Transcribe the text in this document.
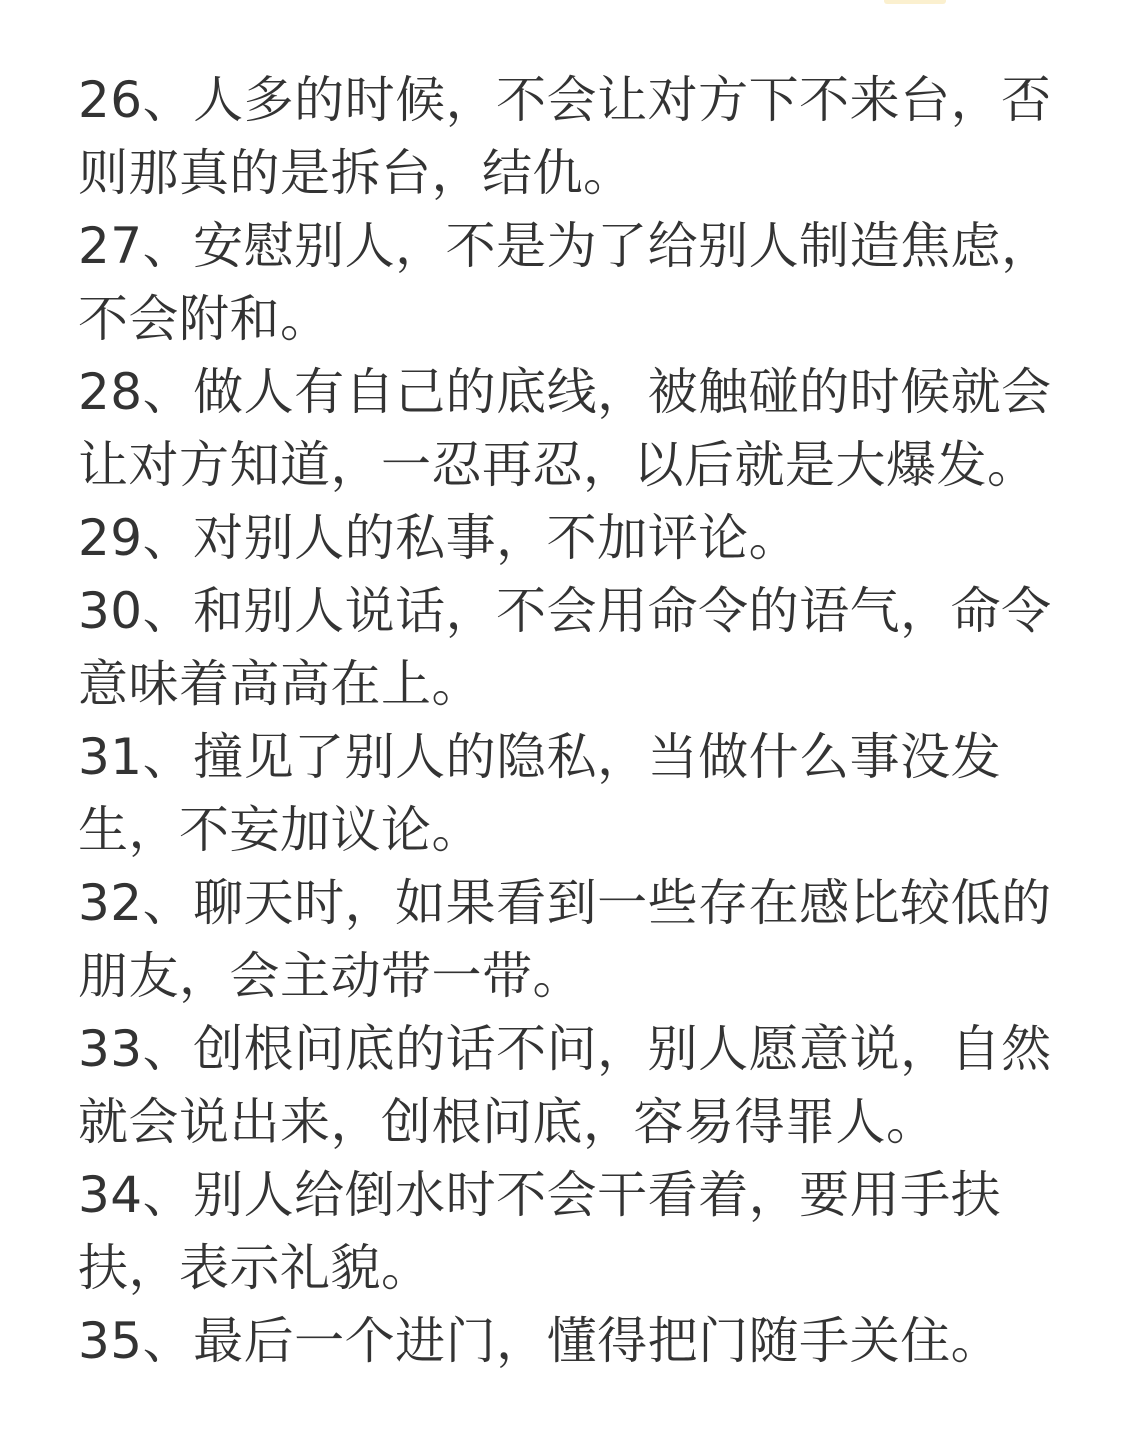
26、人多的时候，不会让对方下不来台，否
则那真的是拆台，结仇。
27、安慰别人，不是为了给别人制造焦虑，
不会附和。
28、做人有自己的底线，被触碰的时候就会
让对方知道，一忍再忍，以后就是大爆发。
29、对别人的私事，不加评论。
30、和别人说话，不会用命令的语气，命令
意味着高高在上。
31、撞见了别人的隐私，当做什么事没发
生，不妄加议论。
32、聊天时，如果看到一些存在感比较低的
朋友，会主动带一带。
33、创根问底的话不问，别人愿意说，自然
就会说出来，创根问底，容易得罪人。
34、别人给倒水时不会干看着，要用手扶
扶，表示礼貌。
35、最后一个进门，懂得把门随手关住。
